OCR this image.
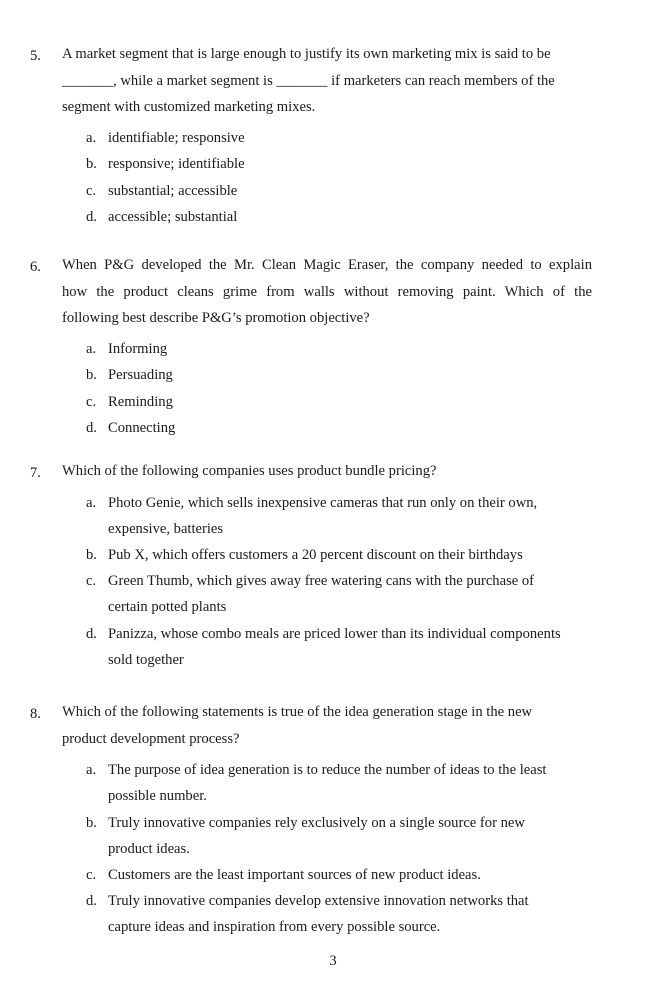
5. A market segment that is large enough to justify its own marketing mix is said to be
_______, while a market segment is _______ if marketers can reach members of the
segment with customized marketing mixes.
a. identifiable; responsive
b. responsive; identifiable
c. substantial; accessible
d. accessible; substantial
6. When P&G developed the Mr. Clean Magic Eraser, the company needed to explain
how the product cleans grime from walls without removing paint. Which of the
following best describe P&G’s promotion objective?
a. Informing
b. Persuading
c. Reminding
d. Connecting
7. Which of the following companies uses product bundle pricing?
a. Photo Genie, which sells inexpensive cameras that run only on their own,
expensive, batteries
b. Pub X, which offers customers a 20 percent discount on their birthdays
c. Green Thumb, which gives away free watering cans with the purchase of
certain potted plants
d. Panizza, whose combo meals are priced lower than its individual components
sold together
8. Which of the following statements is true of the idea generation stage in the new
product development process?
a. The purpose of idea generation is to reduce the number of ideas to the least
possible number.
b. Truly innovative companies rely exclusively on a single source for new
product ideas.
c. Customers are the least important sources of new product ideas.
d. Truly innovative companies develop extensive innovation networks that
capture ideas and inspiration from every possible source.
3
